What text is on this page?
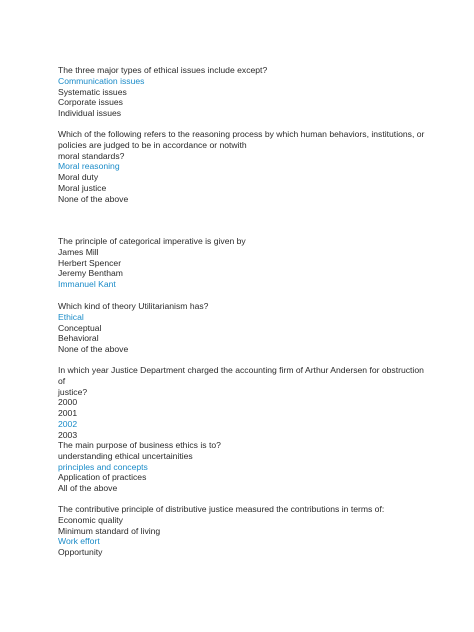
The three major types of ethical issues include except?
Communication issues
Systematic issues
Corporate issues
Individual issues
Which of the following refers to the reasoning process by which human behaviors, institutions, or
policies are judged to be in accordance or notwith
moral standards?
Moral reasoning
Moral duty
Moral justice
None of the above
The principle of categorical imperative is given by
James Mill
Herbert Spencer
Jeremy Bentham
Immanuel Kant
Which kind of theory Utilitarianism has?
Ethical
Conceptual
Behavioral
None of the above
In which year Justice Department charged the accounting firm of Arthur Andersen for obstruction of
justice?
2000
2001
2002
2003
The main purpose of business ethics is to?
understanding ethical uncertainities
principles and concepts
Application of practices
All of the above
The contributive principle of distributive justice measured the contributions in terms of:
Economic quality
Minimum standard of living
Work effort
Opportunity
